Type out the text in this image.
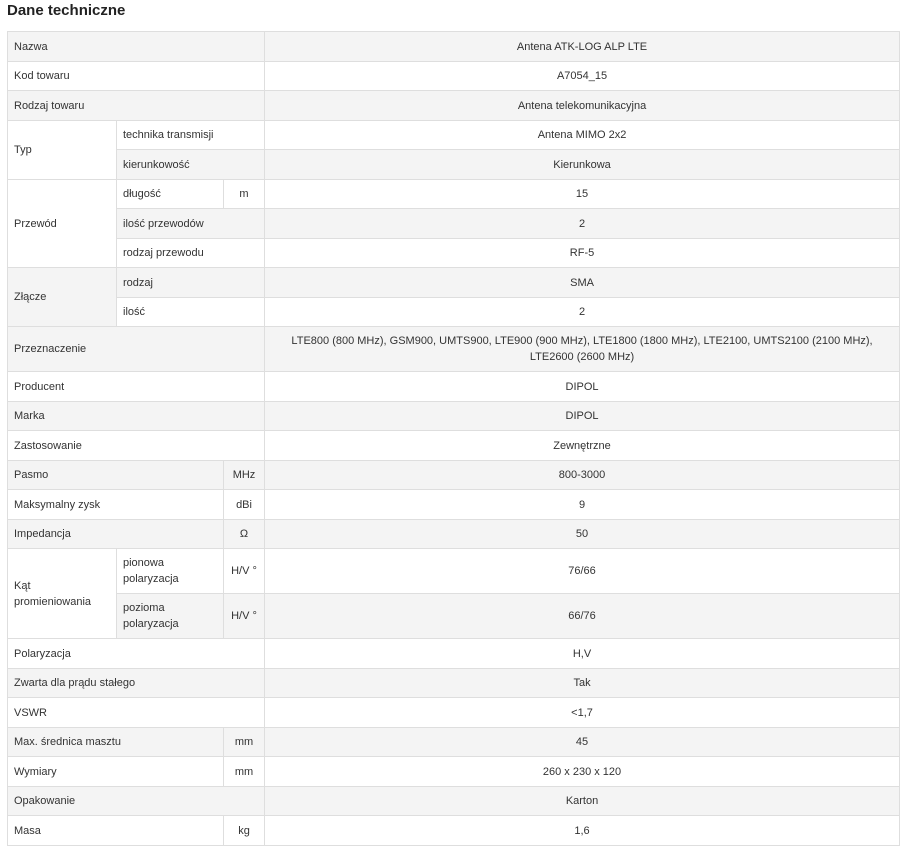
Dane techniczne
Nazwa			Antena ATK-LOG ALP LTE
Kod towaru			A7054_15
Rodzaj towaru			Antena telekomunikacyjna
Typ	technika transmisji		Antena MIMO 2x2
	kierunkowość		Kierunkowa
Przewód	długość	m	15
	ilość przewodów		2
	rodzaj przewodu		RF-5
Złącze	rodzaj		SMA
	ilość		2
Przeznaczenie			LTE800 (800 MHz), GSM900, UMTS900, LTE900 (900 MHz), LTE1800 (1800 MHz), LTE2100, UMTS2100 (2100 MHz), LTE2600 (2600 MHz)
Producent			DIPOL
Marka			DIPOL
Zastosowanie			Zewnętrzne
Pasmo		MHz	800-3000
Maksymalny zysk		dBi	9
Impedancja		Ω	50
Kąt promieniowania	pionowa polaryzacja	H/V °	76/66
	pozioma polaryzacja	H/V °	66/76
Polaryzacja			H,V
Zwarta dla prądu stałego			Tak
VSWR			<1,7
Max. średnica masztu		mm	45
Wymiary		mm	260 x 230 x 120
Opakowanie			Karton
Masa		kg	1,6
